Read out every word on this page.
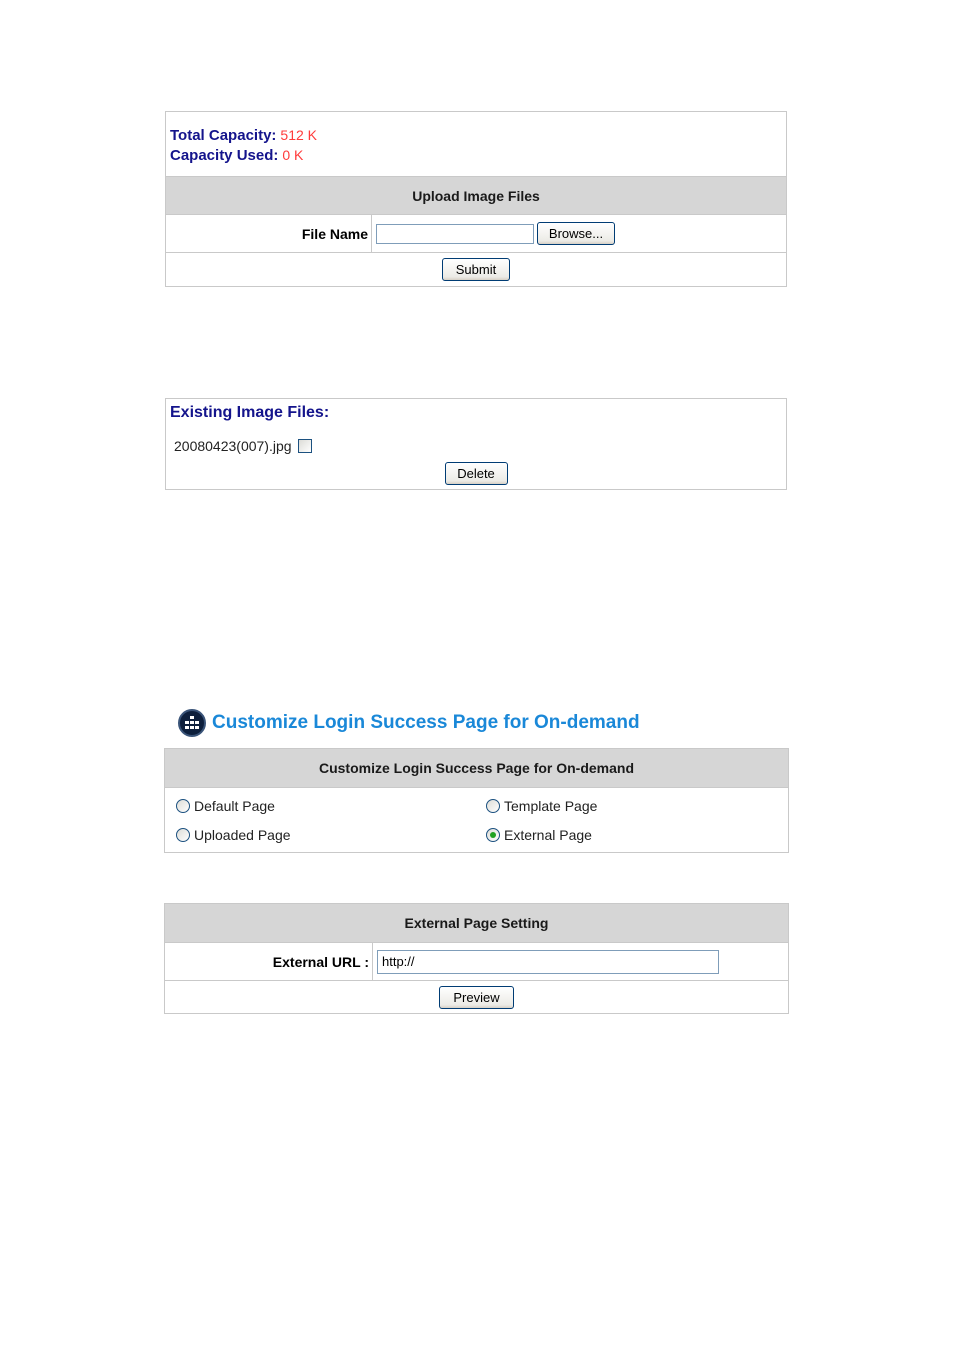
Total Capacity: 512 K
Capacity Used: 0 K
Upload Image Files
File Name	Browse...
Submit
Existing Image Files:
20080423(007).jpg
Delete
Customize Login Success Page for On-demand
Customize Login Success Page for On-demand
Default Page	Template Page
Uploaded Page	External Page
External Page Setting
External URL :
http://
Preview
